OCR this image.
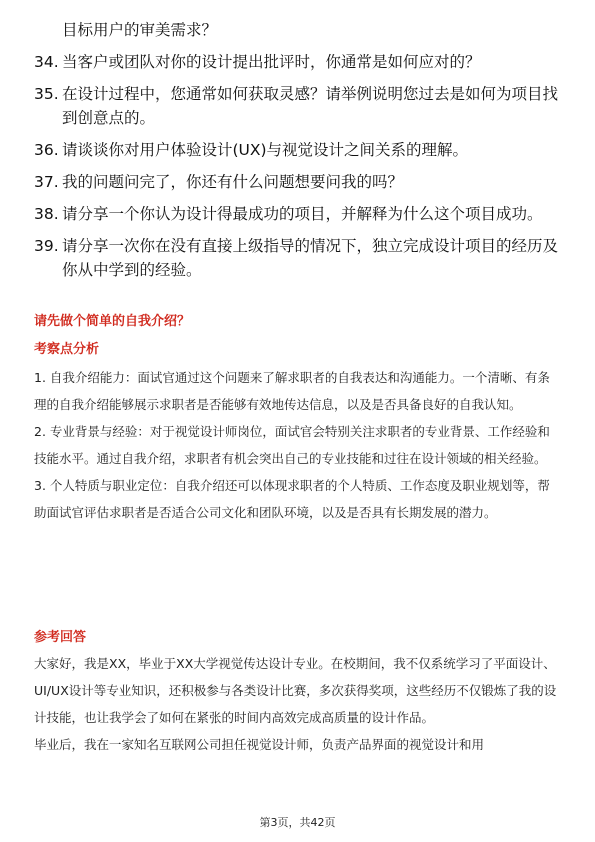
目标用户的审美需求？
34. 当客户或团队对你的设计提出批评时，你通常是如何应对的？
35. 在设计过程中，您通常如何获取灵感？请举例说明您过去是如何为项目找到创意点的。
36. 请谈谈你对用户体验设计(UX)与视觉设计之间关系的理解。
37. 我的问题问完了，你还有什么问题想要问我的吗？
38. 请分享一个你认为设计得最成功的项目，并解释为什么这个项目成功。
39. 请分享一次你在没有直接上级指导的情况下，独立完成设计项目的经历及你从中学到的经验。
请先做个简单的自我介绍？
考察点分析

1. 自我介绍能力：面试官通过这个问题来了解求职者的自我表达和沟通能力。一个清晰、有条理的自我介绍能够展示求职者是否能够有效地传达信息，以及是否具备良好的自我认知。

2. 专业背景与经验：对于视觉设计师岗位，面试官会特别关注求职者的专业背景、工作经验和技能水平。通过自我介绍，求职者有机会突出自己的专业技能和过往在设计领域的相关经验。

3. 个人特质与职业定位：自我介绍还可以体现求职者的个人特质、工作态度及职业规划等，帮助面试官评估求职者是否适合公司文化和团队环境，以及是否具有长期发展的潜力。

参考回答

大家好，我是XX，毕业于XX大学视觉传达设计专业。在校期间，我不仅系统学习了平面设计、UI/UX设计等专业知识，还积极参与各类设计比赛，多次获得奖项，这些经历不仅锻炼了我的设计技能，也让我学会了如何在紧张的时间内高效完成高质量的设计作品。

毕业后，我在一家知名互联网公司担任视觉设计师，负责产品界面的视觉设计和用

第3页，共42页
